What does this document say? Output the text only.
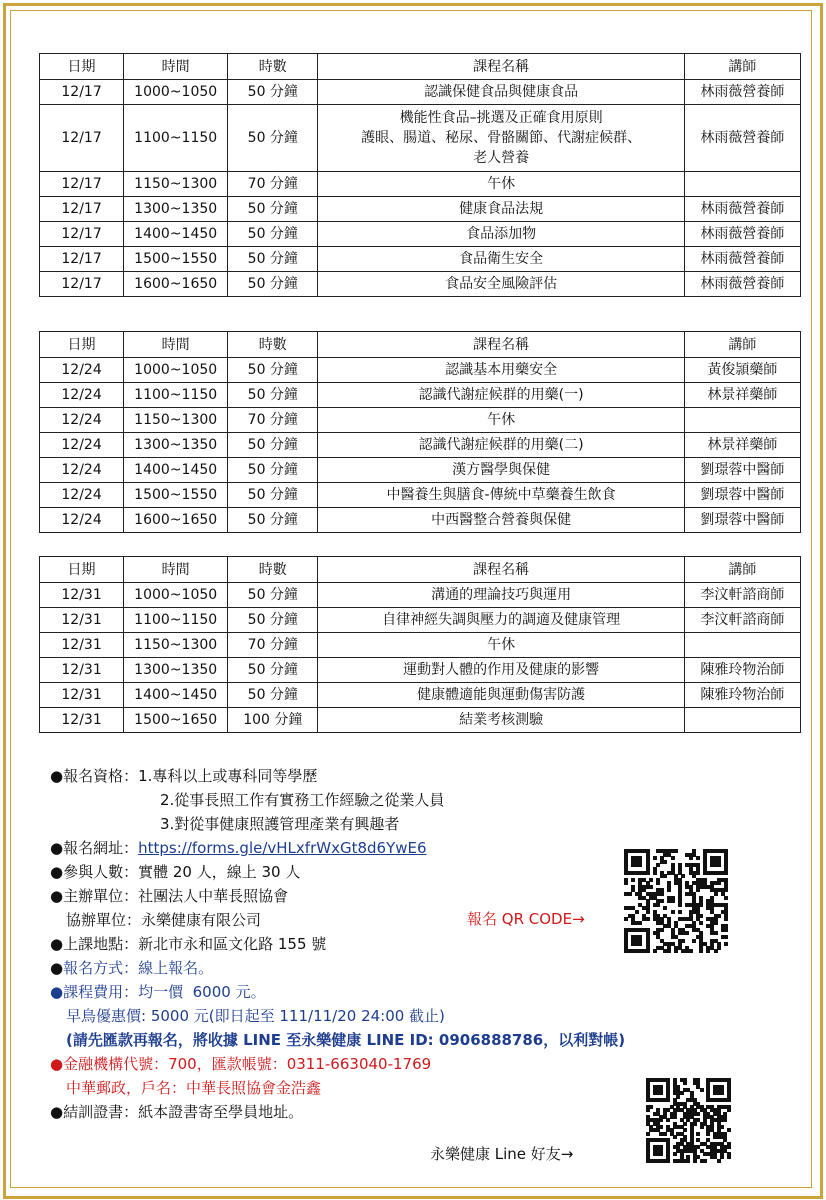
日期	時間	時數	課程名稱	講師
12/17	1000~1050	50 分鐘	認識保健食品與健康食品	林雨薇營養師
12/17	1100~1150	50 分鐘	機能性食品–挑選及正確食用原則
護眼、腸道、秘尿、骨骼關節、代謝症候群、
老人營養	林雨薇營養師
12/17	1150~1300	70 分鐘	午休	

12/17	1300~1350	50 分鐘	健康食品法規	林雨薇營養師
12/17	1400~1450	50 分鐘	食品添加物	林雨薇營養師
12/17	1500~1550	50 分鐘	食品衛生安全	林雨薇營養師
12/17	1600~1650	50 分鐘	食品安全風險評估	林雨薇營養師
日期	時間	時數	課程名稱	講師
12/24	1000~1050	50 分鐘	認識基本用藥安全	黃俊頴藥師
12/24	1100~1150	50 分鐘	認識代謝症候群的用藥(一)	林景祥藥師
12/24	1150~1300	70 分鐘	午休	

12/24	1300~1350	50 分鐘	認識代謝症候群的用藥(二)	林景祥藥師
12/24	1400~1450	50 分鐘	漢方醫學與保健	劉璟蓉中醫師
12/24	1500~1550	50 分鐘	中醫養生與膳食-傳統中草藥養生飲食	劉璟蓉中醫師
12/24	1600~1650	50 分鐘	中西醫整合營養與保健	劉璟蓉中醫師
日期	時間	時數	課程名稱	講師
12/31	1000~1050	50 分鐘	溝通的理論技巧與運用	李汶軒諮商師
12/31	1100~1150	50 分鐘	自律神經失調與壓力的調適及健康管理	李汶軒諮商師
12/31	1150~1300	70 分鐘	午休	

12/31	1300~1350	50 分鐘	運動對人體的作用及健康的影響	陳雅玲物治師
12/31	1400~1450	50 分鐘	健康體適能與運動傷害防護	陳雅玲物治師
12/31	1500~1650	100 分鐘	結業考核測驗	

●報名資格：1.專科以上或專科同等學歷
2.從事長照工作有實務工作經驗之從業人員
3.對從事健康照護管理產業有興趣者
●報名網址：https://forms.gle/vHLxfrWxGt8d6YwE6
●參與人數：實體 20 人，線上 30 人
●主辦單位：社團法人中華長照協會
協辦單位：永樂健康有限公司
●上課地點：新北市永和區文化路 155 號
●報名方式：線上報名。
●課程費用：均一價  6000 元。
早鳥優惠價: 5000 元(即日起至 111/11/20 24:00 截止)
(請先匯款再報名，將收據 LINE 至永樂健康 LINE ID: 0906888786，以利對帳)
●金融機構代號：700，匯款帳號：0311-663040-1769
中華郵政，戶名：中華長照協會金浩鑫
●結訓證書：紙本證書寄至學員地址。
報名 QR CODE→
永樂健康 Line 好友→
